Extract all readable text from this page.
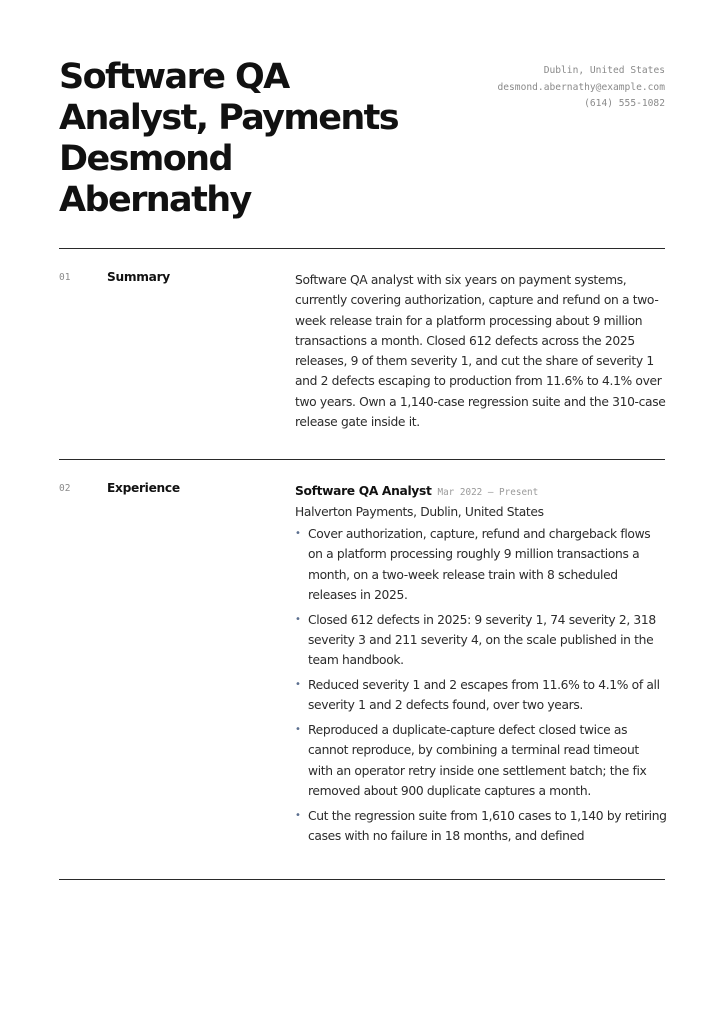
Software QA
Analyst, Payments
Desmond
Abernathy
Dublin, United States
desmond.abernathy@example.com
(614) 555-1082
01	Summary	Software QA analyst with six years on payment systems, currently covering authorization, capture and refund on a two-week release train for a platform processing about 9 million transactions a month. Closed 612 defects across the 2025 releases, 9 of them severity 1, and cut the share of severity 1 and 2 defects escaping to production from 11.6% to 4.1% over two years. Own a 1,140-case regression suite and the 310-case release gate inside it.
02	Experience	Software QA Analyst Mar 2022 — Present
Halverton Payments, Dublin, United States
• Cover authorization, capture, refund and chargeback flows on a platform processing roughly 9 million transactions a month, on a two-week release train with 8 scheduled releases in 2025.
• Closed 612 defects in 2025: 9 severity 1, 74 severity 2, 318 severity 3 and 211 severity 4, on the scale published in the team handbook.
• Reduced severity 1 and 2 escapes from 11.6% to 4.1% of all severity 1 and 2 defects found, over two years.
• Reproduced a duplicate-capture defect closed twice as cannot reproduce, by combining a terminal read timeout with an operator retry inside one settlement batch; the fix removed about 900 duplicate captures a month.
• Cut the regression suite from 1,610 cases to 1,140 by retiring cases with no failure in 18 months, and defined
